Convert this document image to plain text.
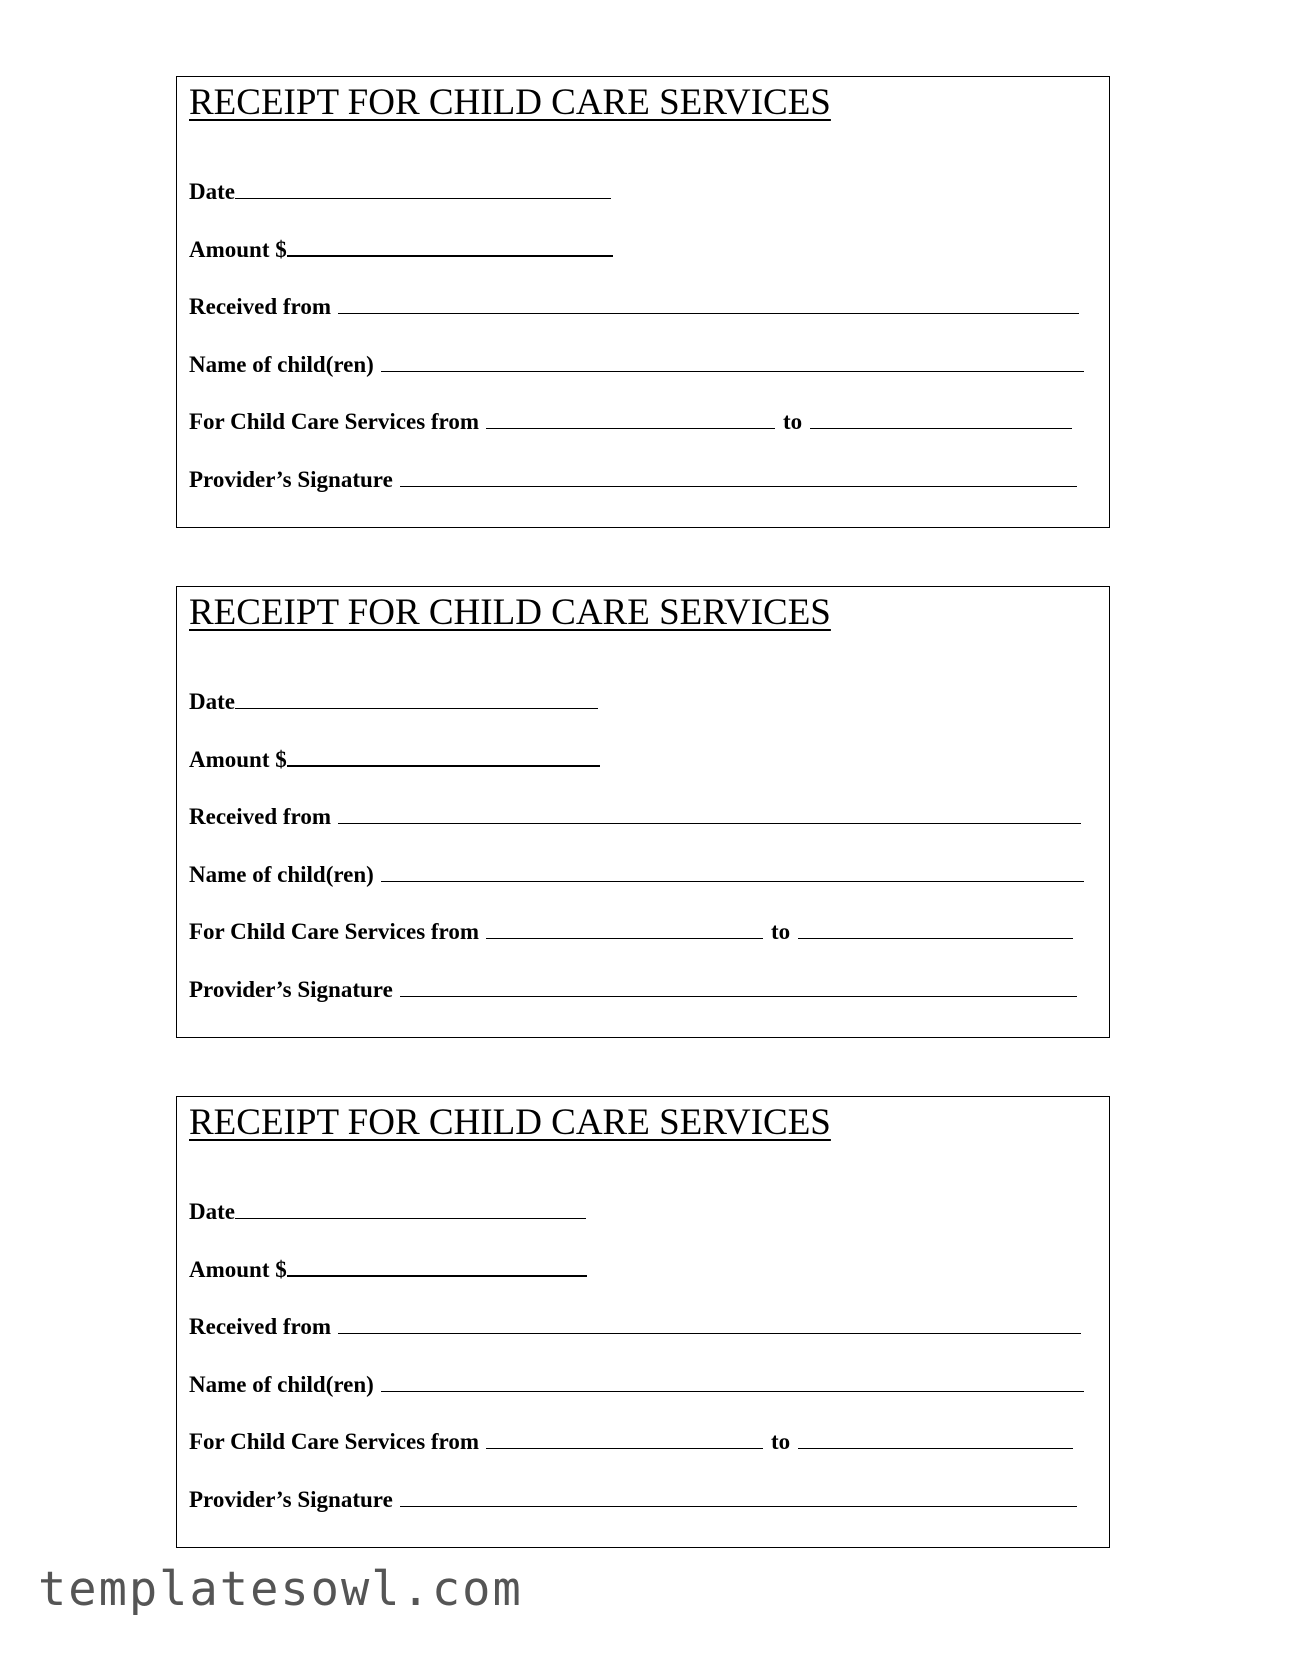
RECEIPT FOR CHILD CARE SERVICES
Date
Amount $
Received from
Name of child(ren)
For Child Care Services from	to
Provider’s Signature
RECEIPT FOR CHILD CARE SERVICES
Date
Amount $
Received from
Name of child(ren)
For Child Care Services from	to
Provider’s Signature
RECEIPT FOR CHILD CARE SERVICES
Date
Amount $
Received from
Name of child(ren)
For Child Care Services from	to
Provider’s Signature
templatesowl.com
